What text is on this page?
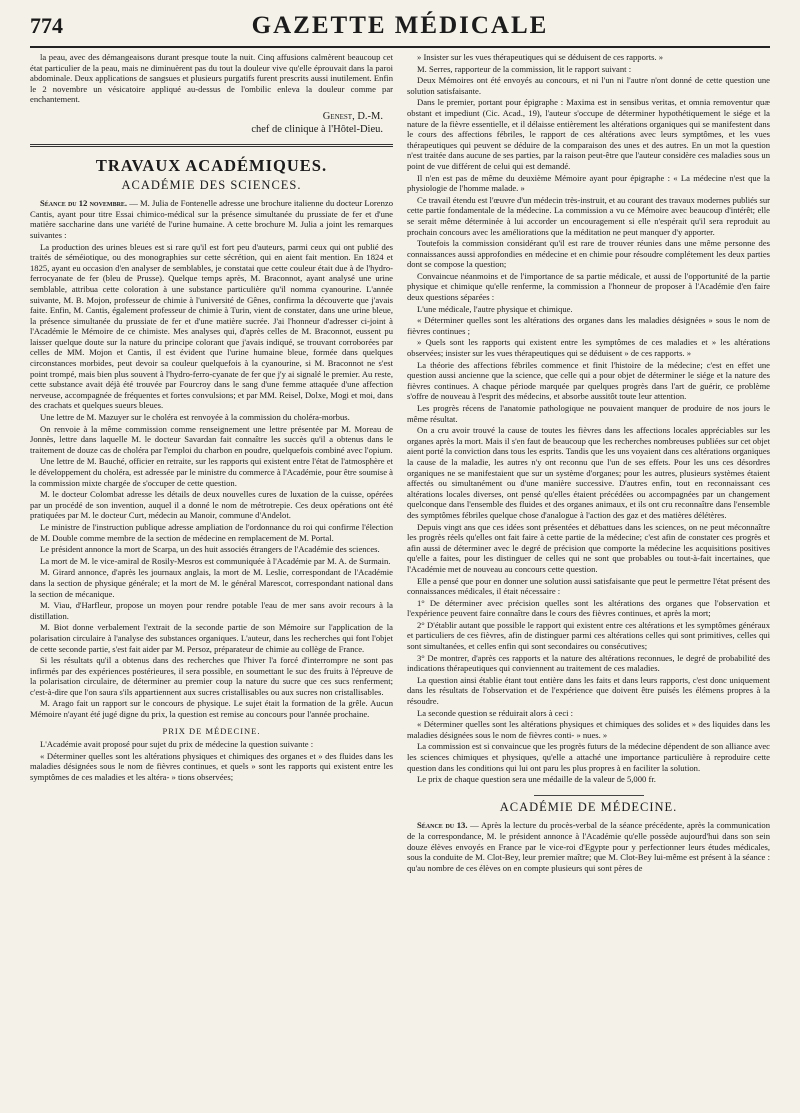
774	GAZETTE MÉDICALE

la peau, avec des démangeaisons durant presque toute la nuit. Cinq affusions calmèrent beaucoup cet état particulier de la peau, mais ne diminuèrent pas du tout la douleur vive qu'elle éprouvait dans la paroi abdominale. Deux applications de sangsues et plusieurs purgatifs furent prescrits aussi inutilement. Enfin le 2 novembre un vésicatoire appliqué au-dessus de l'ombilic enleva la douleur comme par enchantement.

Genest, D.-M.
chef de clinique à l'Hôtel-Dieu.
TRAVAUX ACADÉMIQUES.
ACADÉMIE DES SCIENCES.

Séance du 12 novembre. — M. Julia de Fontenelle adresse une brochure italienne du docteur Lorenzo Cantis, ayant pour titre Essai chimico-médical sur la présence simultanée du prussiate de fer et d'une matière saccharine dans une variété de l'urine humaine. A cette brochure M. Julia a joint les remarques suivantes :

La production des urines bleues est si rare qu'il est fort peu d'auteurs, parmi ceux qui ont publié des traités de séméiotique, ou des monographies sur cette sécrétion, qui en aient fait mention. En 1824 et 1825, ayant eu occasion d'en analyser de semblables, je constatai que cette couleur était due à de l'hydro-ferrocyanate de fer (bleu de Prusse). Quelque temps après, M. Braconnot, ayant analysé une urine semblable, attribua cette coloration à une substance particulière qu'il nomma cyanourine. L'année suivante, M. B. Mojon, professeur de chimie à l'université de Gênes, confirma la découverte que j'avais faite. Enfin, M. Cantis, également professeur de chimie à Turin, vient de constater, dans une urine bleue, la présence simultanée du prussiate de fer et d'une matière sucrée. J'ai l'honneur d'adresser ci-joint à l'Académie le Mémoire de ce chimiste. Mes analyses qui, d'après celles de M. Braconnot, eussent pu laisser quelque doute sur la nature du principe colorant que j'avais indiqué, se trouvant corroborées par celles de MM. Mojon et Cantis, il est évident que l'urine humaine bleue, formée dans quelques circonstances morbides, peut devoir sa couleur quelquefois à la cyanourine, si M. Braconnot ne s'est point trompé, mais bien plus souvent à l'hydro-ferro-cyanate de fer que j'y ai signalé le premier. Au reste, cette substance avait déjà été trouvée par Fourcroy dans le sang d'une femme attaquée d'une affection nerveuse, accompagnée de fréquentes et fortes convulsions; et par MM. Reisel, Dolxe, Mogi et moi, dans des crachats et quelques sueurs bleues.

Une lettre de M. Mazuyer sur le choléra est renvoyée à la commission du choléra-morbus.

On renvoie à la même commission comme renseignement une lettre présentée par M. Moreau de Jonnès, lettre dans laquelle M. le docteur Savardan fait connaître les succès qu'il a obtenus dans le traitement de douze cas de choléra par l'emploi du charbon en poudre, quelquefois combiné avec l'opium.

Une lettre de M. Bauché, officier en retraite, sur les rapports qui existent entre l'état de l'atmosphère et le développement du choléra, est adressée par le ministre du commerce à l'Académie, pour être soumise à la commission mixte chargée de s'occuper de cette question.

M. le docteur Colombat adresse les détails de deux nouvelles cures de luxation de la cuisse, opérées par un procédé de son invention, auquel il a donné le nom de métrotrepie. Ces deux opérations ont été pratiquées par M. le docteur Curt, médecin au Manoir, commune d'Andelot.

Le ministre de l'instruction publique adresse ampliation de l'ordonnance du roi qui confirme l'élection de M. Double comme membre de la section de médecine en remplacement de M. Portal.

Le président annonce la mort de Scarpa, un des huit associés étrangers de l'Académie des sciences.

La mort de M. le vice-amiral de Rosily-Mesros est communiquée à l'Académie par M. A. de Surmain.

M. Girard annonce, d'après les journaux anglais, la mort de M. Leslie, correspondant de l'Académie dans la section de physique générale; et la mort de M. le général Marescot, correspondant national dans la section de mécanique.

M. Viau, d'Harfleur, propose un moyen pour rendre potable l'eau de mer sans avoir recours à la distillation.

M. Biot donne verbalement l'extrait de la seconde partie de son Mémoire sur l'application de la polarisation circulaire à l'analyse des substances organiques. L'auteur, dans les recherches qui font l'objet de cette seconde partie, s'est fait aider par M. Persoz, préparateur de chimie au collège de France.

Si les résultats qu'il a obtenus dans des recherches que l'hiver l'a forcé d'interrompre ne sont pas infirmés par des expériences postérieures, il sera possible, en soumettant le suc des fruits à l'épreuve de la polarisation circulaire, de déterminer au premier coup la nature du sucre que ces sucs renferment; c'est-à-dire que l'on saura s'ils appartiennent aux sucres cristallisables ou aux sucres non cristallisables.

M. Arago fait un rapport sur le concours de physique. Le sujet était la formation de la grêle. Aucun Mémoire n'ayant été jugé digne du prix, la question est remise au concours pour l'année prochaine.

PRIX DE MÉDECINE.

L'Académie avait proposé pour sujet du prix de médecine la question suivante :

« Déterminer quelles sont les altérations physiques et chimiques des organes et » des fluides dans les maladies désignées sous le nom de fièvres continues, et quels » sont les rapports qui existent entre les symptômes de ces maladies et les altéra- » tions observées;

» Insister sur les vues thérapeutiques qui se déduisent de ces rapports. »

M. Serres, rapporteur de la commission, lit le rapport suivant :

Deux Mémoires ont été envoyés au concours, et ni l'un ni l'autre n'ont donné de cette question une solution satisfaisante.

Dans le premier, portant pour épigraphe : Maxima est in sensibus veritas, et omnia removentur quæ obstant et impediunt (Cic. Acad., 19), l'auteur s'occupe de déterminer hypothétiquement le siége et la nature de la fièvre essentielle, et il délaisse entièrement les altérations organiques qui se manifestent dans le cours des affections fébriles, le rapport de ces altérations avec leurs symptômes, et les vues thérapeutiques qui peuvent se déduire de la comparaison des unes et des autres. En un mot la question n'est traitée dans aucune de ses parties, par la raison peut-être que l'auteur considère ces maladies sous un point de vue différent de celui qui est demandé.

Il n'en est pas de même du deuxième Mémoire ayant pour épigraphe : « La médecine n'est que la physiologie de l'homme malade. »

Ce travail étendu est l'œuvre d'un médecin très-instruit, et au courant des travaux modernes publiés sur cette partie fondamentale de la médecine. La commission a vu ce Mémoire avec beaucoup d'intérêt; elle se serait même déterminée à lui accorder un encouragement si elle n'espérait qu'il sera reproduit au prochain concours avec les améliorations que la méditation ne peut manquer d'y apporter.

Toutefois la commission considérant qu'il est rare de trouver réunies dans une même personne des connaissances aussi approfondies en médecine et en chimie pour résoudre complétement les deux parties dont se compose la question;

Convaincue néanmoins et de l'importance de sa partie médicale, et aussi de l'opportunité de la partie physique et chimique qu'elle renferme, la commission a l'honneur de proposer à l'Académie d'en faire deux questions séparées :

L'une médicale, l'autre physique et chimique.

« Déterminer quelles sont les altérations des organes dans les maladies désignées » sous le nom de fièvres continues ;

» Quels sont les rapports qui existent entre les symptômes de ces maladies et » les altérations observées; insister sur les vues thérapeutiques qui se déduisent » de ces rapports. »

La théorie des affections fébriles commence et finit l'histoire de la médecine; c'est en effet une question aussi ancienne que la science, que celle qui a pour objet de déterminer le siége et la nature des fièvres continues. A chaque période marquée par quelques progrès dans l'art de guérir, ce problème s'offre de nouveau à l'esprit des médecins, et absorbe aussitôt toute leur attention.

Les progrès récens de l'anatomie pathologique ne pouvaient manquer de produire de nos jours le même résultat.

On a cru avoir trouvé la cause de toutes les fièvres dans les affections locales appréciables sur les organes après la mort. Mais il s'en faut de beaucoup que les recherches nombreuses publiées sur cet objet aient porté la conviction dans tous les esprits. Tandis que les uns voyaient dans ces altérations organiques la cause de la maladie, les autres n'y ont reconnu que l'un de ses effets. Pour les uns ces désordres organiques ne se manifestaient que sur un système d'organes; pour les autres, plusieurs systèmes étaient affectés ou simultanément ou d'une manière successive. D'autres enfin, tout en reconnaissant ces altérations locales diverses, ont pensé qu'elles étaient précédées ou accompagnées par un changement quelconque dans l'ensemble des fluides et des organes animaux, et ils ont cru reconnaître dans l'ensemble des symptômes fébriles quelque chose d'analogue à l'action des gaz et des matières délétères.

Depuis vingt ans que ces idées sont présentées et débattues dans les sciences, on ne peut méconnaître les progrès réels qu'elles ont fait faire à cette partie de la médecine; c'est afin de constater ces progrès et afin aussi de déterminer avec le degré de précision que comporte la médecine les acquisitions positives qu'elle a faites, pour les distinguer de celles qui ne sont que probables ou tout-à-fait incertaines, que l'Académie met de nouveau au concours cette question.

Elle a pensé que pour en donner une solution aussi satisfaisante que peut le permettre l'état présent des connaissances médicales, il était nécessaire :

1° De déterminer avec précision quelles sont les altérations des organes que l'observation et l'expérience peuvent faire connaître dans le cours des fièvres continues, et après la mort;

2° D'établir autant que possible le rapport qui existent entre ces altérations et les symptômes généraux et particuliers de ces fièvres, afin de distinguer parmi ces altérations celles qui sont primitives, celles qui sont simultanées, et celles enfin qui sont secondaires ou consécutives;

3° De montrer, d'après ces rapports et la nature des altérations reconnues, le degré de probabilité des indications thérapeutiques qui conviennent au traitement de ces maladies.

La question ainsi établie étant tout entière dans les faits et dans leurs rapports, c'est donc uniquement dans les résultats de l'observation et de l'expérience que doivent être puisés les élémens propres à la résoudre.

La seconde question se réduirait alors à ceci :

« Déterminer quelles sont les altérations physiques et chimiques des solides et » des liquides dans les maladies désignées sous le nom de fièvres conti- » nues. »

La commission est si convaincue que les progrès futurs de la médecine dépendent de son alliance avec les sciences chimiques et physiques, qu'elle a attaché une importance particulière à reproduire cette question dans les conditions qui lui ont paru les plus propres à en faciliter la solution.

Le prix de chaque question sera une médaille de la valeur de 5,000 fr.

ACADÉMIE DE MÉDECINE.

Séance du 13. — Après la lecture du procès-verbal de la séance précédente, après la communication de la correspondance, M. le président annonce à l'Académie qu'elle possède aujourd'hui dans son sein douze élèves envoyés en France par le vice-roi d'Egypte pour y perfectionner leurs études médicales, sous la conduite de M. Clot-Bey, leur premier maître; que M. Clot-Bey lui-même est présent à la séance : qu'au nombre de ces élèves on en compte plusieurs qui sont pères de
